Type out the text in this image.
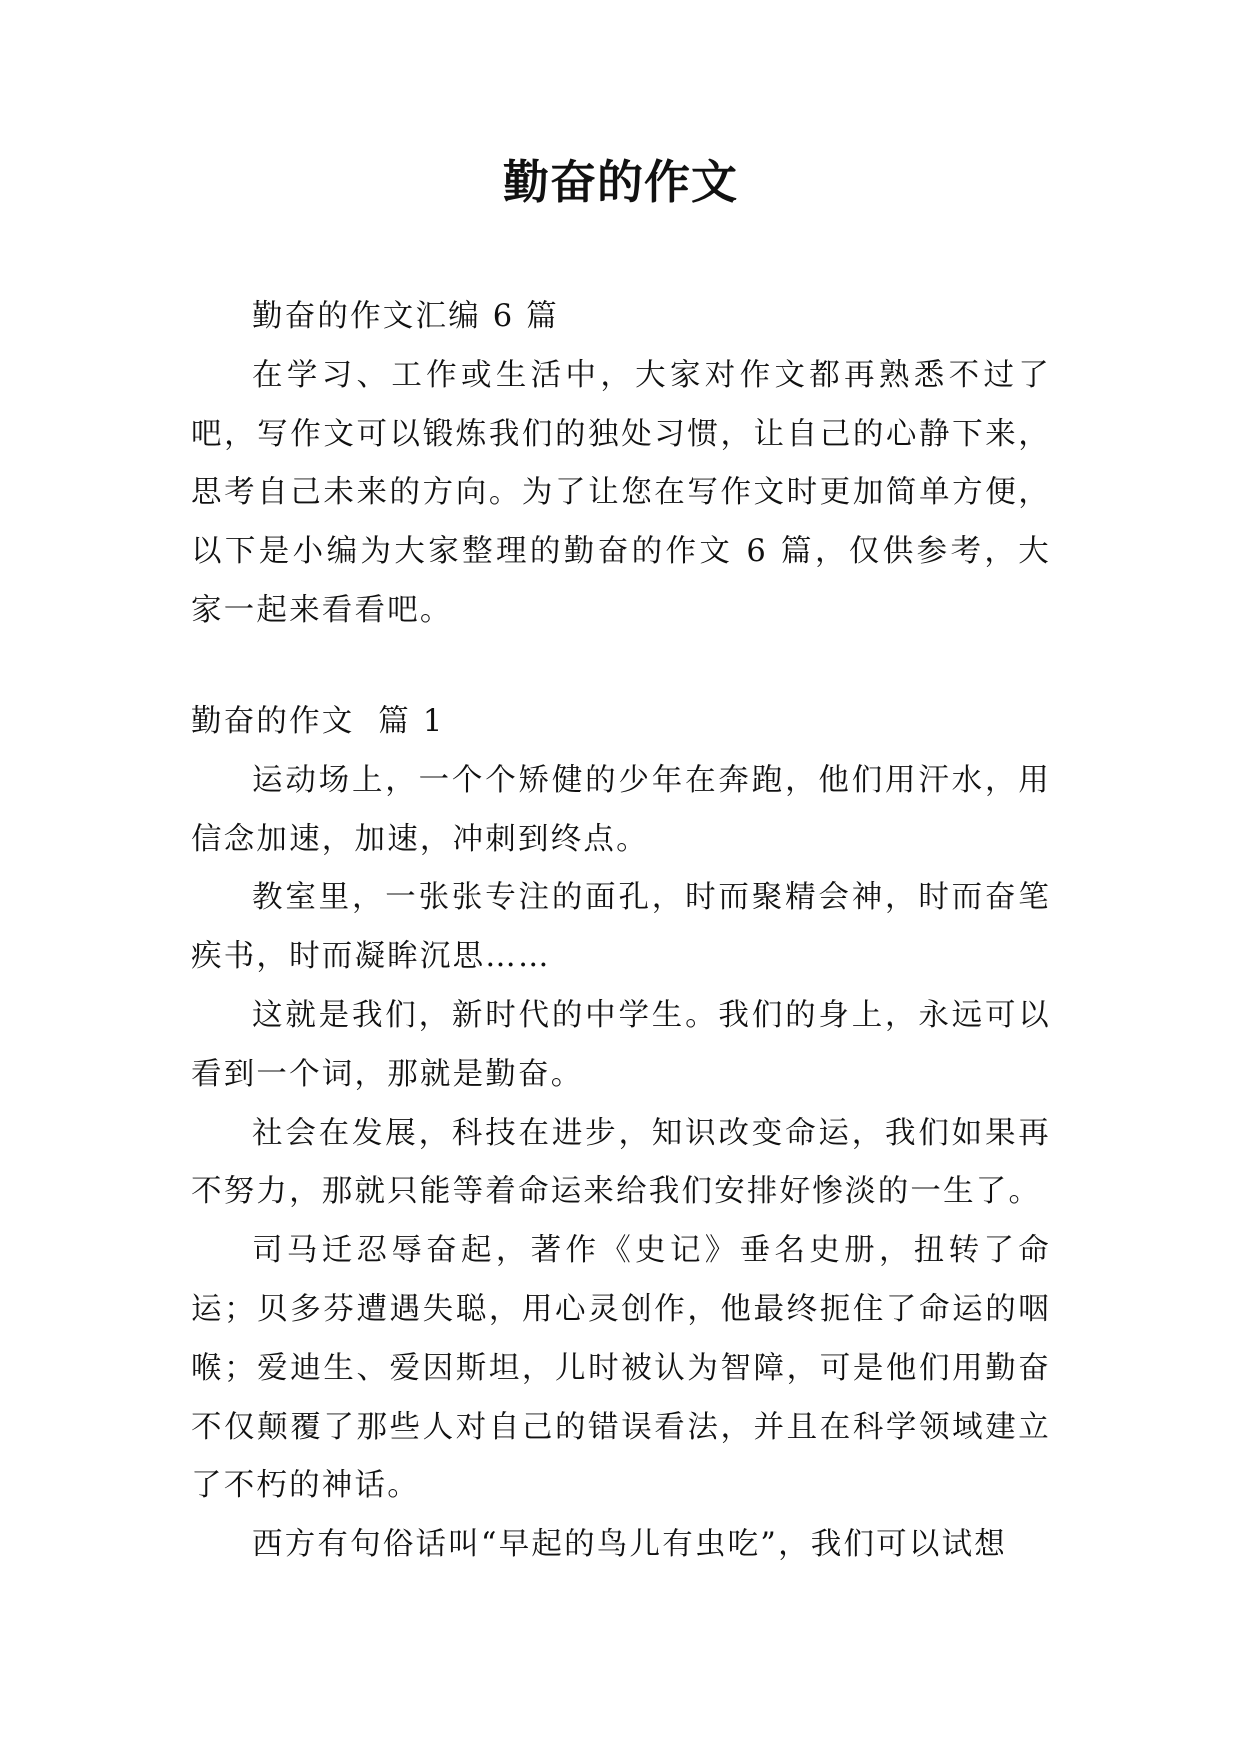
勤奋的作文

勤奋的作文汇编 6 篇

在学习、工作或生活中，大家对作文都再熟悉不过了吧，写作文可以锻炼我们的独处习惯，让自己的心静下来，思考自己未来的方向。为了让您在写作文时更加简单方便，以下是小编为大家整理的勤奋的作文 6 篇，仅供参考，大家一起来看看吧。

勤奋的作文  篇 1

运动场上，一个个矫健的少年在奔跑，他们用汗水，用信念加速，加速，冲刺到终点。

教室里，一张张专注的面孔，时而聚精会神，时而奋笔疾书，时而凝眸沉思……

这就是我们，新时代的中学生。我们的身上，永远可以看到一个词，那就是勤奋。

社会在发展，科技在进步，知识改变命运，我们如果再不努力，那就只能等着命运来给我们安排好惨淡的一生了。

司马迁忍辱奋起，著作《史记》垂名史册，扭转了命运；贝多芬遭遇失聪，用心灵创作，他最终扼住了命运的咽喉；爱迪生、爱因斯坦，儿时被认为智障，可是他们用勤奋不仅颠覆了那些人对自己的错误看法，并且在科学领域建立了不朽的神话。

西方有句俗话叫“早起的鸟儿有虫吃”，我们可以试想
